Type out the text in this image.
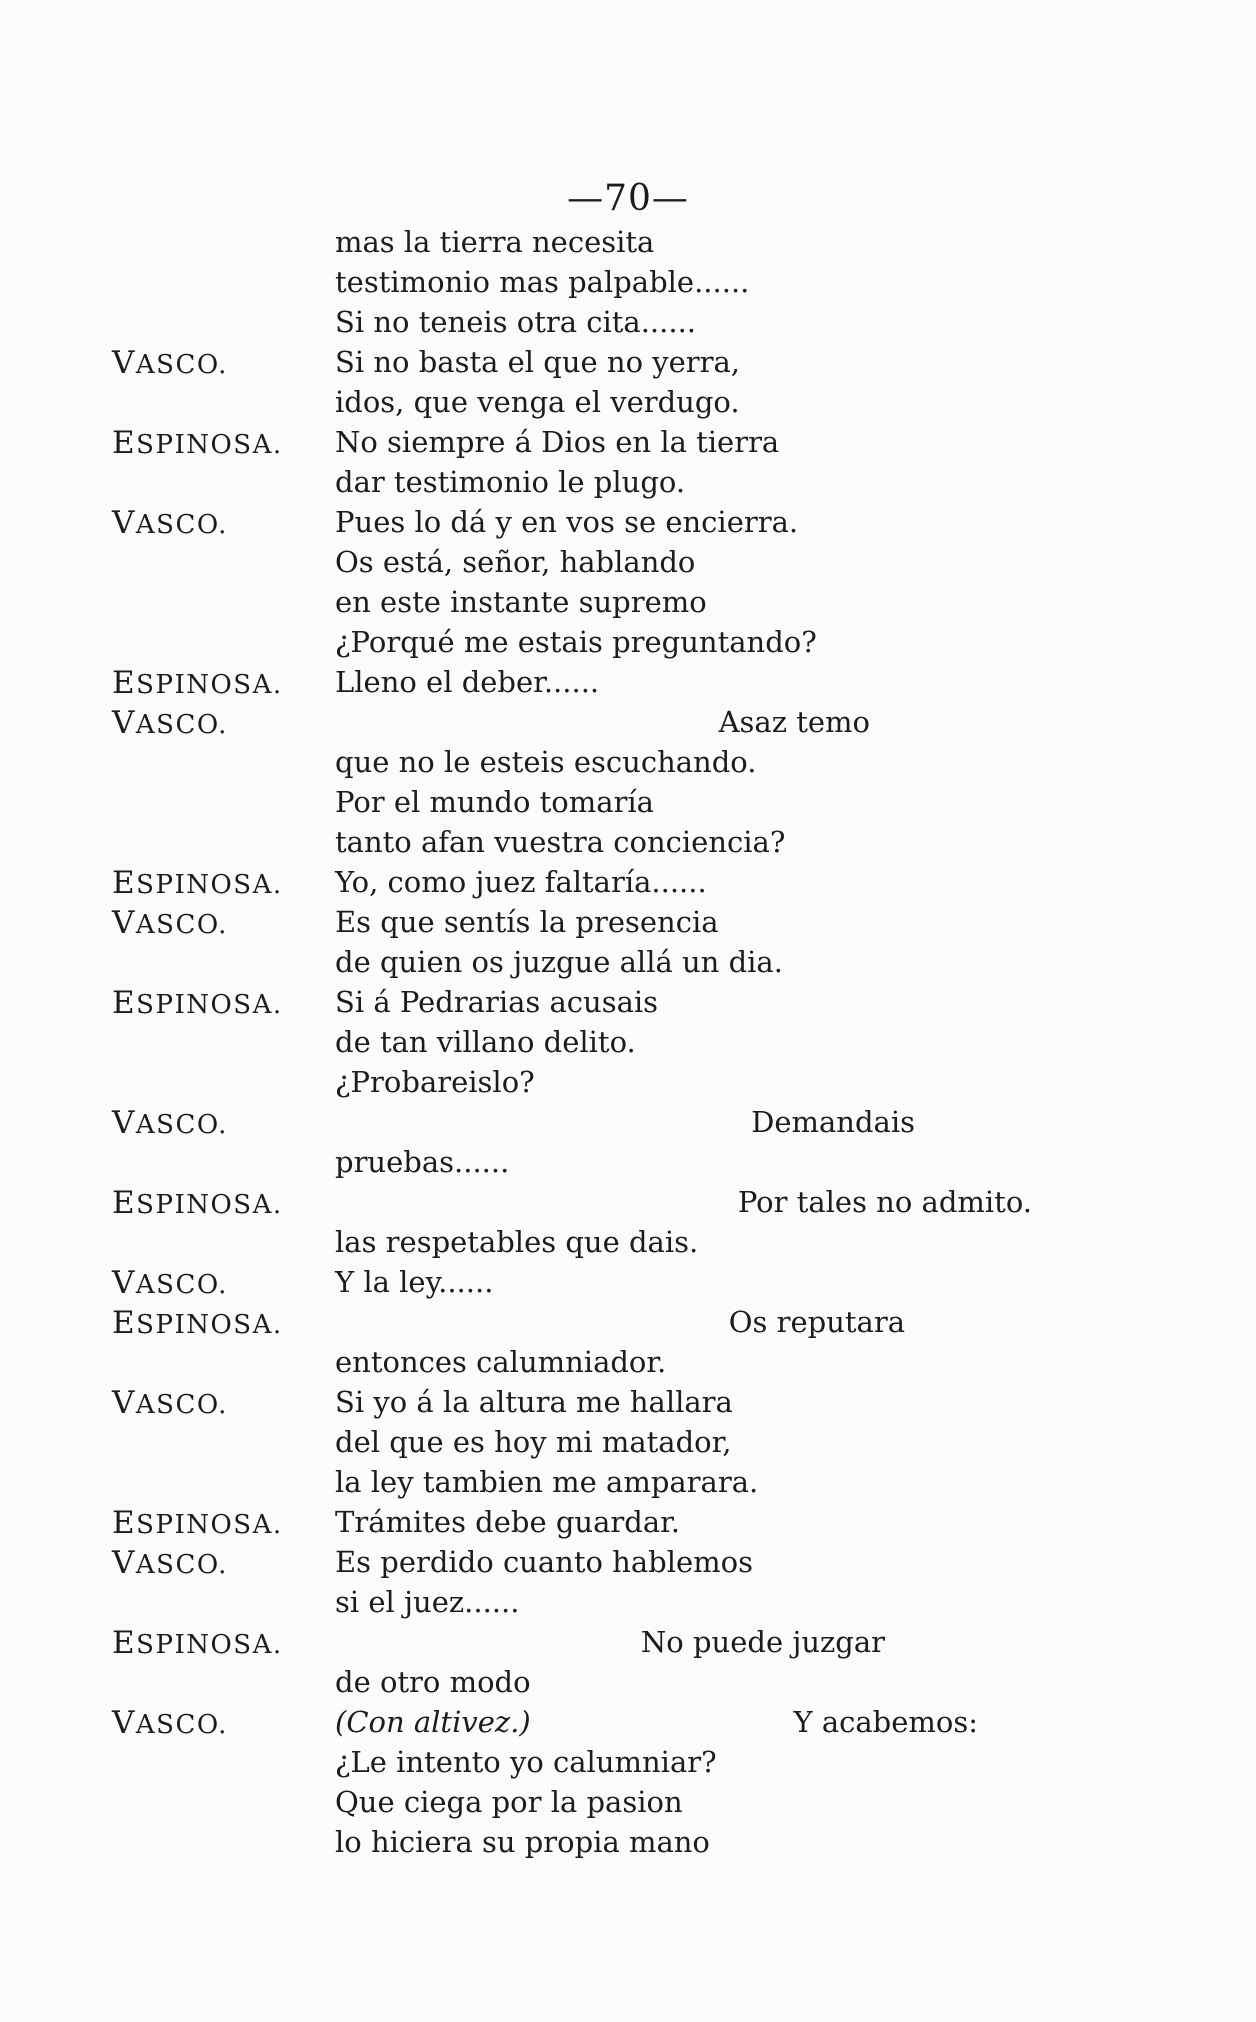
—70—
mas la tierra necesita
testimonio mas palpable......
Si no teneis otra cita......
VASCO.	Si no basta el que no yerra,
idos, que venga el verdugo.
ESPINOSA. No siempre á Dios en la tierra
dar testimonio le plugo.
VASCO.	Pues lo dá y en vos se encierra.
Os está, señor, hablando
en este instante supremo
¿Porqué me estais preguntando?
ESPINOSA. Lleno el deber......
VASCO.	Asaz temo
que no le esteis escuchando.
Por el mundo tomaría
tanto afan vuestra conciencia?
ESPINOSA. Yo, como juez faltaría......
VASCO.	Es que sentís la presencia
de quien os juzgue allá un dia.
ESPINOSA. Si á Pedrarias acusais
de tan villano delito.
¿Probareislo?
VASCO.	Demandais
pruebas......
ESPINOSA.	Por tales no admito.
las respetables que dais.
VASCO.	Y la ley......
ESPINOSA.	Os reputara
entonces calumniador.
VASCO.	Si yo á la altura me hallara
del que es hoy mi matador,
la ley tambien me amparara.
ESPINOSA. Trámites debe guardar.
VASCO.	Es perdido cuanto hablemos
si el juez......
ESPINOSA.	No puede juzgar
de otro modo
VASCO.	(Con altivez.)	Y acabemos:
¿Le intento yo calumniar?
Que ciega por la pasion
lo hiciera su propia mano
